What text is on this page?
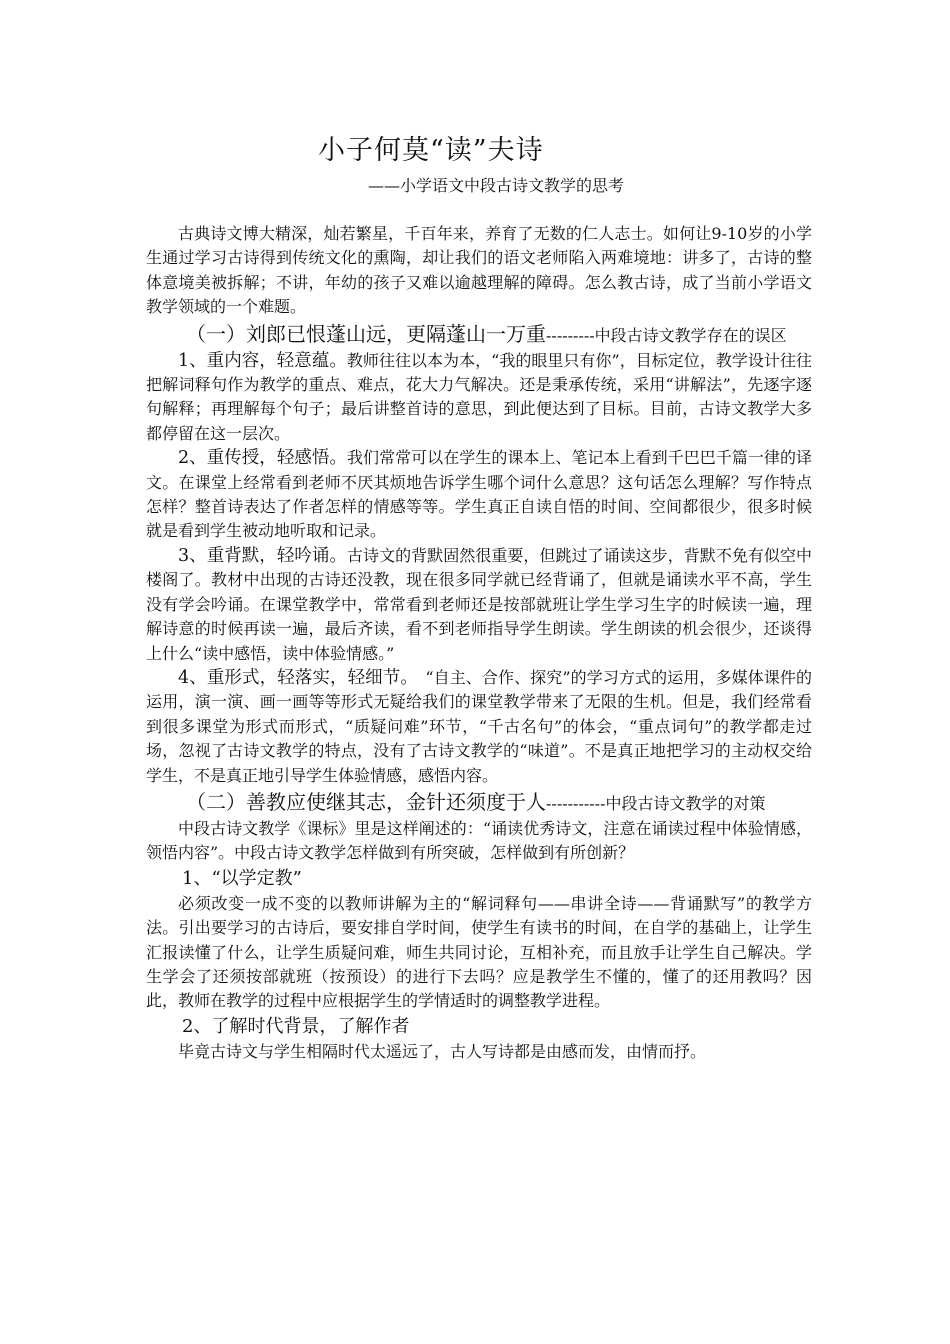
小子何莫“读”夫诗
——小学语文中段古诗文教学的思考

古典诗文博大精深，灿若繁星，千百年来，养育了无数的仁人志士。如何让9-10岁的小学生通过学习古诗得到传统文化的熏陶，却让我们的语文老师陷入两难境地：讲多了，古诗的整体意境美被拆解；不讲，年幼的孩子又难以逾越理解的障碍。怎么教古诗，成了当前小学语文教学领域的一个难题。

（一）刘郎已恨蓬山远，更隔蓬山一万重---------中段古诗文教学存在的误区

1、重内容，轻意蕴。教师往往以本为本，“我的眼里只有你”，目标定位，教学设计往往把解词释句作为教学的重点、难点，花大力气解决。还是秉承传统，采用“讲解法”，先逐字逐句解释；再理解每个句子；最后讲整首诗的意思，到此便达到了目标。目前，古诗文教学大多都停留在这一层次。

2、重传授，轻感悟。我们常常可以在学生的课本上、笔记本上看到千巴巴千篇一律的译文。在课堂上经常看到老师不厌其烦地告诉学生哪个词什么意思？这句话怎么理解？写作特点怎样？整首诗表达了作者怎样的情感等等。学生真正自读自悟的时间、空间都很少，很多时候就是看到学生被动地听取和记录。

3、重背默，轻吟诵。古诗文的背默固然很重要，但跳过了诵读这步，背默不免有似空中楼阁了。教材中出现的古诗还没教，现在很多同学就已经背诵了，但就是诵读水平不高，学生没有学会吟诵。在课堂教学中，常常看到老师还是按部就班让学生学习生字的时候读一遍，理解诗意的时候再读一遍，最后齐读，看不到老师指导学生朗读。学生朗读的机会很少，还谈得上什么“读中感悟，读中体验情感。”

4、重形式，轻落实，轻细节。　“自主、合作、探究”的学习方式的运用，多媒体课件的运用，演一演、画一画等等形式无疑给我们的课堂教学带来了无限的生机。但是，我们经常看到很多课堂为形式而形式，“质疑问难”环节，“千古名句”的体会，“重点词句”的教学都走过场，忽视了古诗文教学的特点，没有了古诗文教学的“味道”。不是真正地把学习的主动权交给学生，不是真正地引导学生体验情感，感悟内容。

（二）善教应使继其志，金针还须度于人-----------中段古诗文教学的对策

中段古诗文教学《课标》里是这样阐述的：“诵读优秀诗文，注意在诵读过程中体验情感，领悟内容”。中段古诗文教学怎样做到有所突破，怎样做到有所创新？

1、“以学定教”

必须改变一成不变的以教师讲解为主的“解词释句——串讲全诗——背诵默写”的教学方法。引出要学习的古诗后，要安排自学时间，使学生有读书的时间，在自学的基础上，让学生汇报读懂了什么，让学生质疑问难，师生共同讨论，互相补充，而且放手让学生自己解决。学生学会了还须按部就班（按预设）的进行下去吗？应是教学生不懂的，懂了的还用教吗？因此，教师在教学的过程中应根据学生的学情适时的调整教学进程。

2、了解时代背景，了解作者

毕竟古诗文与学生相隔时代太遥远了，古人写诗都是由感而发，由情而抒。
